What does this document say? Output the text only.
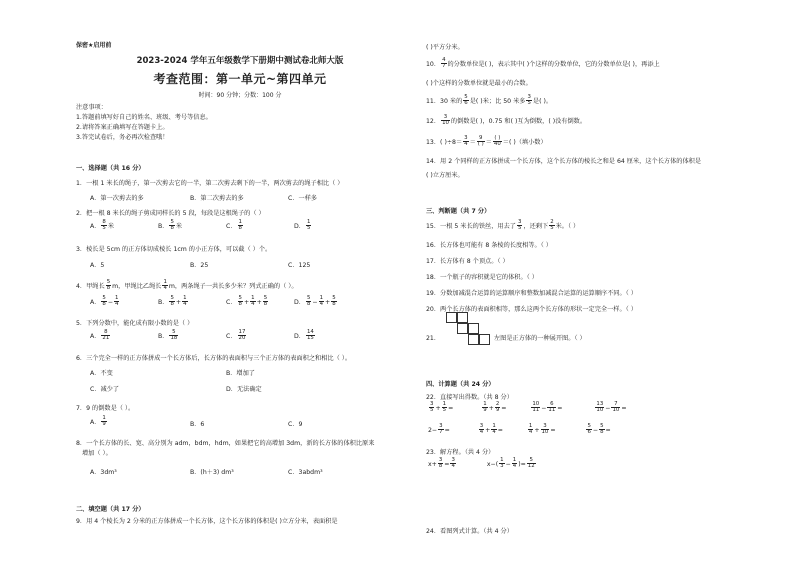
保密★启用前
2023-2024 学年五年级数学下册期中测试卷北师大版
考查范围：第一单元~第四单元
时间：90 分钟；分数：100 分
注意事项：
1.答题前填写好自己的姓名、班级、考号等信息。
2.请将答案正确填写在答题卡上。
3.答完试卷后，务必再次检查哦！
一、选择题（共 16 分）
1．一根 1 米长的绳子，第一次剪去它的一半，第二次剪去剩下的一半，两次剪去的绳子相比（ ）
A．第一次剪去的多	B．第二次剪去的多	C．一样多
2．把一根 8 米长的绳子剪成同样长的 5 段，每段是这根绳子的（ ）
A． $\frac{8}{5}$ 米	B． $\frac{5}{8}$ 米	C． $\frac{1}{8}$	D． $\frac{1}{5}$
3．棱长是 5cm 的正方体切成棱长 1cm 的小正方体，可以截（ ）个。
A．5	B．25	C．125
4．甲绳长 $\frac{5}{8}$ m，甲绳比乙绳长 $\frac{1}{4}$ m，两条绳子一共长多少米？列式正确的（ ）。
A． $\frac{5}{8} - \frac{1}{4}$	B． $\frac{5}{8} + \frac{1}{4}$	C． $\frac{5}{8} + \frac{1}{4} + \frac{5}{8}$	D． $\frac{5}{8} - \frac{1}{4} + \frac{5}{8}$
5．下列分数中，能化成有限小数的是（ ）
A． $\frac{8}{21}$	B． $\frac{5}{18}$	C． $\frac{17}{20}$	D． $\frac{14}{15}$
6．三个完全一样的正方体拼成一个长方体后，长方体的表面积与三个正方体的表面积之和相比（ ）。
A．不变	B．增加了
C．减少了	D．无法确定
7．9 的倒数是（ ）。
A． $\frac{1}{9}$	B．6	C．9
8．一个长方体的长、宽、高分别为 adm，bdm，hdm，如果把它的高增加 3dm，新的长方体的体积比原来
增加（ ）。
A．3dm³	B．(h＋3) dm³	C．3abdm³
二、填空题（共 17 分）
9．用 4 个棱长为 2 分米的正方体拼成一个长方体，这个长方体的体积是( )立方分米，表面积是
( )平方分米。
10． $\frac{4}{7}$ 的分数单位是( )，表示其中( )个这样的分数单位，它的分数单位是( )，再添上
( )个这样的分数单位就是最小的合数。
11．30 米的 $\frac{5}{6}$ 是( )米；比 50 米多 $\frac{3}{5}$ 是( )。
12． $\frac{3}{10}$ 的倒数是( )，0.75 和( )互为倒数，( )没有倒数。
13．( )$\div 8= \frac{3}{4} = \frac{9}{( )} = \frac{( )}{40}$ ＝( )（填小数）
14．用 2 个同样的正方体拼成一个长方体，这个长方体的棱长之和是 64 厘米，这个长方体的体积是
( )立方厘米。
三、判断题（共 7 分）
15．一根 5 米长的铁丝，用去了 $\frac{3}{5}$ ，还剩下 $\frac{2}{5}$ 米。（ ）
16．长方体也可能有 8 条棱的长度相等。（ ）
17．长方体有 8 个顶点。（ ）
18．一个瓶子的容积就是它的体积。（ ）
19．分数加减混合运算的运算顺序和整数加减混合运算的运算顺序不同。（ ）
20．两个长方体的表面积相等，那么这两个长方体的形状一定完全一样。（ ）
21．	左图是正方体的一种展开图。（ ）
四、计算题（共 24 分）
22．直接写出得数。（共 8 分）
$\frac{3}{5} + \frac{1}{5}$ =	$\frac{1}{9} + \frac{2}{9}$ =	$\frac{10}{11} - \frac{6}{11}$ =	$\frac{13}{10} - \frac{7}{10}$ =
$2- \frac{3}{7}$ =	$\frac{3}{4} + \frac{1}{4}$ =	$\frac{1}{4} + \frac{3}{10}$ =	$\frac{5}{6} - \frac{5}{8}$ =
23．解方程。（共 4 分）
$x+ \frac{3}{8} = \frac{3}{4}$	$x-( \frac{1}{3} - \frac{1}{4}$ )= $\frac{5}{12}$
24．看图列式计算。（共 4 分）
